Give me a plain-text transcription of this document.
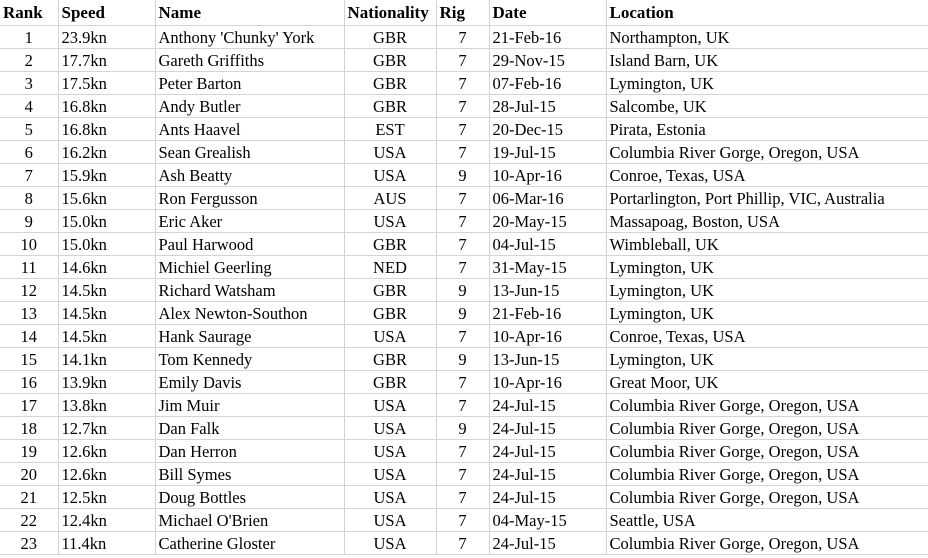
Rank	Speed	Name	Nationality	Rig	Date	Location
1	23.9kn	Anthony 'Chunky' York	GBR	7	21-Feb-16	Northampton, UK
2	17.7kn	Gareth Griffiths	GBR	7	29-Nov-15	Island Barn, UK
3	17.5kn	Peter Barton	GBR	7	07-Feb-16	Lymington, UK
4	16.8kn	Andy Butler	GBR	7	28-Jul-15	Salcombe, UK
5	16.8kn	Ants Haavel	EST	7	20-Dec-15	Pirata, Estonia
6	16.2kn	Sean Grealish	USA	7	19-Jul-15	Columbia River Gorge, Oregon, USA
7	15.9kn	Ash Beatty	USA	9	10-Apr-16	Conroe, Texas, USA
8	15.6kn	Ron Fergusson	AUS	7	06-Mar-16	Portarlington, Port Phillip, VIC, Australia
9	15.0kn	Eric Aker	USA	7	20-May-15	Massapoag, Boston, USA
10	15.0kn	Paul Harwood	GBR	7	04-Jul-15	Wimbleball, UK
11	14.6kn	Michiel Geerling	NED	7	31-May-15	Lymington, UK
12	14.5kn	Richard Watsham	GBR	9	13-Jun-15	Lymington, UK
13	14.5kn	Alex Newton-Southon	GBR	9	21-Feb-16	Lymington, UK
14	14.5kn	Hank Saurage	USA	7	10-Apr-16	Conroe, Texas, USA
15	14.1kn	Tom Kennedy	GBR	9	13-Jun-15	Lymington, UK
16	13.9kn	Emily Davis	GBR	7	10-Apr-16	Great Moor, UK
17	13.8kn	Jim Muir	USA	7	24-Jul-15	Columbia River Gorge, Oregon, USA
18	12.7kn	Dan Falk	USA	9	24-Jul-15	Columbia River Gorge, Oregon, USA
19	12.6kn	Dan Herron	USA	7	24-Jul-15	Columbia River Gorge, Oregon, USA
20	12.6kn	Bill Symes	USA	7	24-Jul-15	Columbia River Gorge, Oregon, USA
21	12.5kn	Doug Bottles	USA	7	24-Jul-15	Columbia River Gorge, Oregon, USA
22	12.4kn	Michael O'Brien	USA	7	04-May-15	Seattle, USA
23	11.4kn	Catherine Gloster	USA	7	24-Jul-15	Columbia River Gorge, Oregon, USA
